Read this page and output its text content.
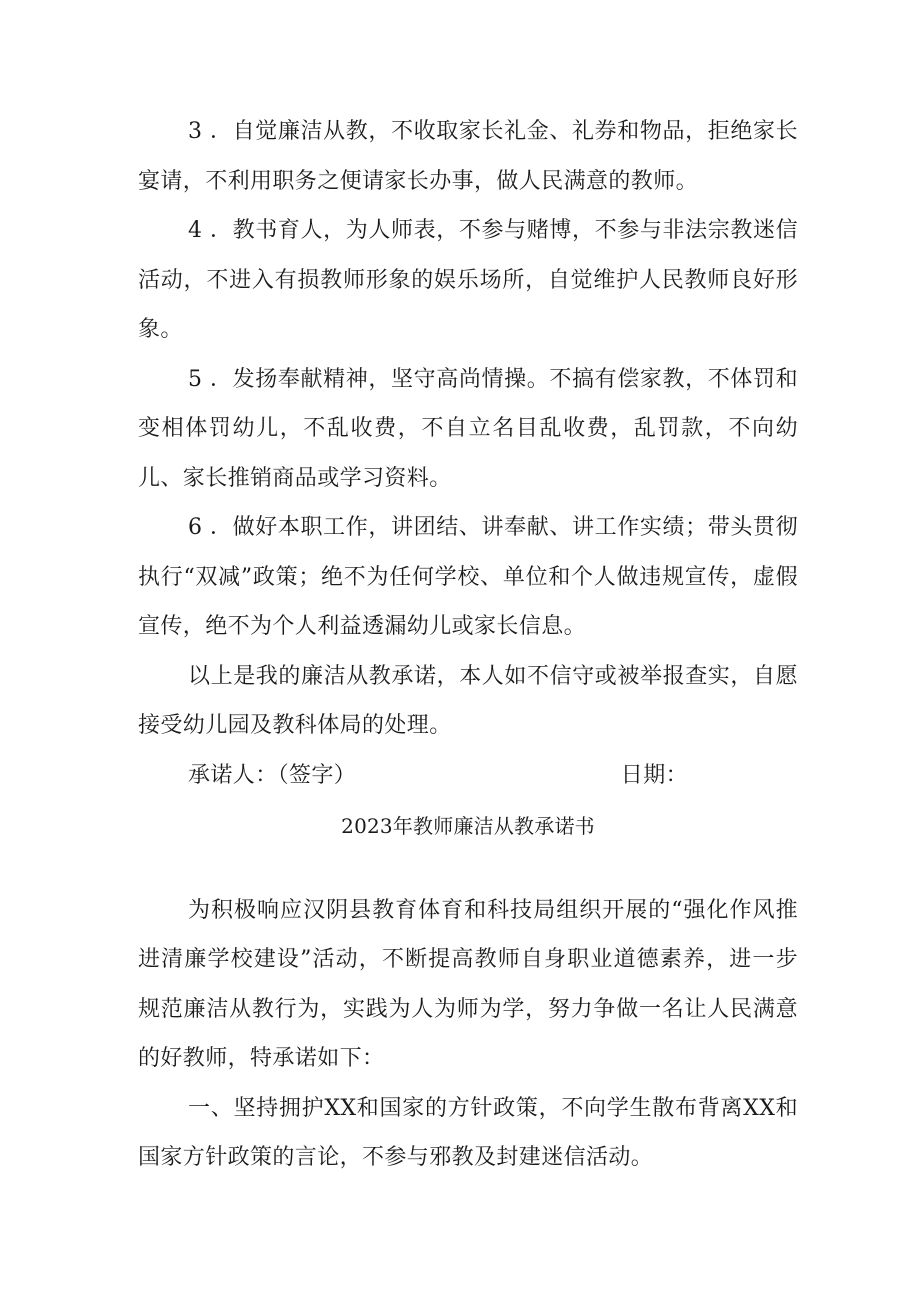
3 ．自觉廉洁从教，不收取家长礼金、礼券和物品，拒绝家长宴请，不利用职务之便请家长办事，做人民满意的教师。

4 ．教书育人，为人师表，不参与赌博，不参与非法宗教迷信活动，不进入有损教师形象的娱乐场所，自觉维护人民教师良好形象。

5 ．发扬奉献精神，坚守高尚情操。不搞有偿家教，不体罚和变相体罚幼儿，不乱收费，不自立名目乱收费，乱罚款，不向幼儿、家长推销商品或学习资料。

6 ．做好本职工作，讲团结、讲奉献、讲工作实绩；带头贯彻执行“双减”政策；绝不为任何学校、单位和个人做违规宣传，虚假宣传，绝不为个人利益透漏幼儿或家长信息。

以上是我的廉洁从教承诺，本人如不信守或被举报查实，自愿接受幼儿园及教科体局的处理。

承诺人：（签字）	日期：
2023年教师廉洁从教承诺书

为积极响应汉阴县教育体育和科技局组织开展的“强化作风推进清廉学校建设”活动，不断提高教师自身职业道德素养，进一步规范廉洁从教行为，实践为人为师为学，努力争做一名让人民满意的好教师，特承诺如下：

一、坚持拥护XX和国家的方针政策，不向学生散布背离XX和国家方针政策的言论，不参与邪教及封建迷信活动。
